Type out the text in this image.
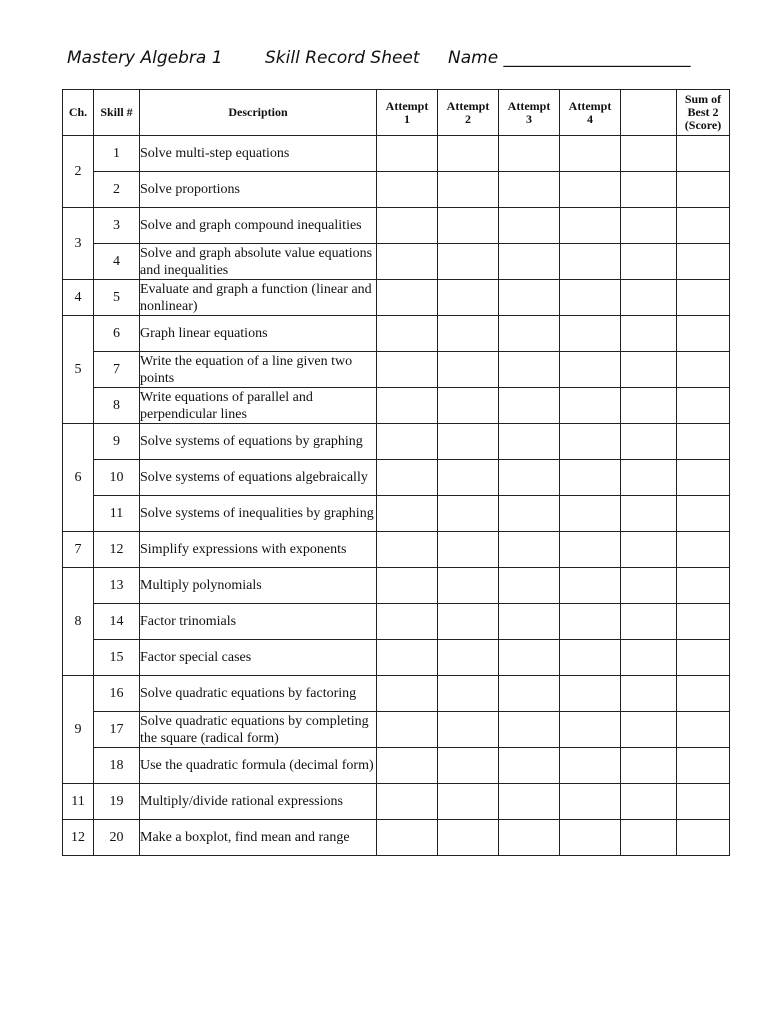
Mastery Algebra 1 Skill Record Sheet Name ______________________
Ch.	Skill #	Description	Attempt 1	Attempt 2	Attempt 3	Attempt 4		Sum of Best 2 (Score)
2	1	Solve multi-step equations						
	2	Solve proportions						
3	3	Solve and graph compound inequalities						
	4	Solve and graph absolute value equations and inequalities						
4	5	Evaluate and graph a function (linear and nonlinear)						
5	6	Graph linear equations						
	7	Write the equation of a line given two points						
	8	Write equations of parallel and perpendicular lines						
6	9	Solve systems of equations by graphing						
	10	Solve systems of equations algebraically						
	11	Solve systems of inequalities by graphing						
7	12	Simplify expressions with exponents						
8	13	Multiply polynomials						
	14	Factor trinomials						
	15	Factor special cases						
9	16	Solve quadratic equations by factoring						
	17	Solve quadratic equations by completing the square (radical form)						
	18	Use the quadratic formula (decimal form)						
11	19	Multiply/divide rational expressions						
12	20	Make a boxplot, find mean and range						
